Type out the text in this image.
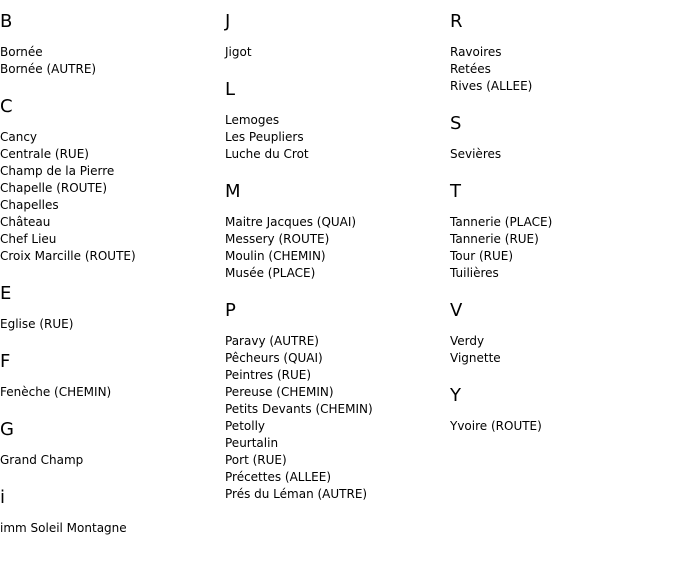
B
Bornée
Bornée (AUTRE)
C
Cancy
Centrale (RUE)
Champ de la Pierre
Chapelle (ROUTE)
Chapelles
Château
Chef Lieu
Croix Marcille (ROUTE)
E
Eglise (RUE)
F
Fenèche (CHEMIN)
G
Grand Champ
i
imm Soleil Montagne
J
Jigot
L
Lemoges
Les Peupliers
Luche du Crot
M
Maitre Jacques (QUAI)
Messery (ROUTE)
Moulin (CHEMIN)
Musée (PLACE)
P
Paravy (AUTRE)
Pêcheurs (QUAI)
Peintres (RUE)
Pereuse (CHEMIN)
Petits Devants (CHEMIN)
Petolly
Peurtalin
Port (RUE)
Précettes (ALLEE)
Prés du Léman (AUTRE)
R
Ravoires
Retées
Rives (ALLEE)
S
Sevières
T
Tannerie (PLACE)
Tannerie (RUE)
Tour (RUE)
Tuilières
V
Verdy
Vignette
Y
Yvoire (ROUTE)
